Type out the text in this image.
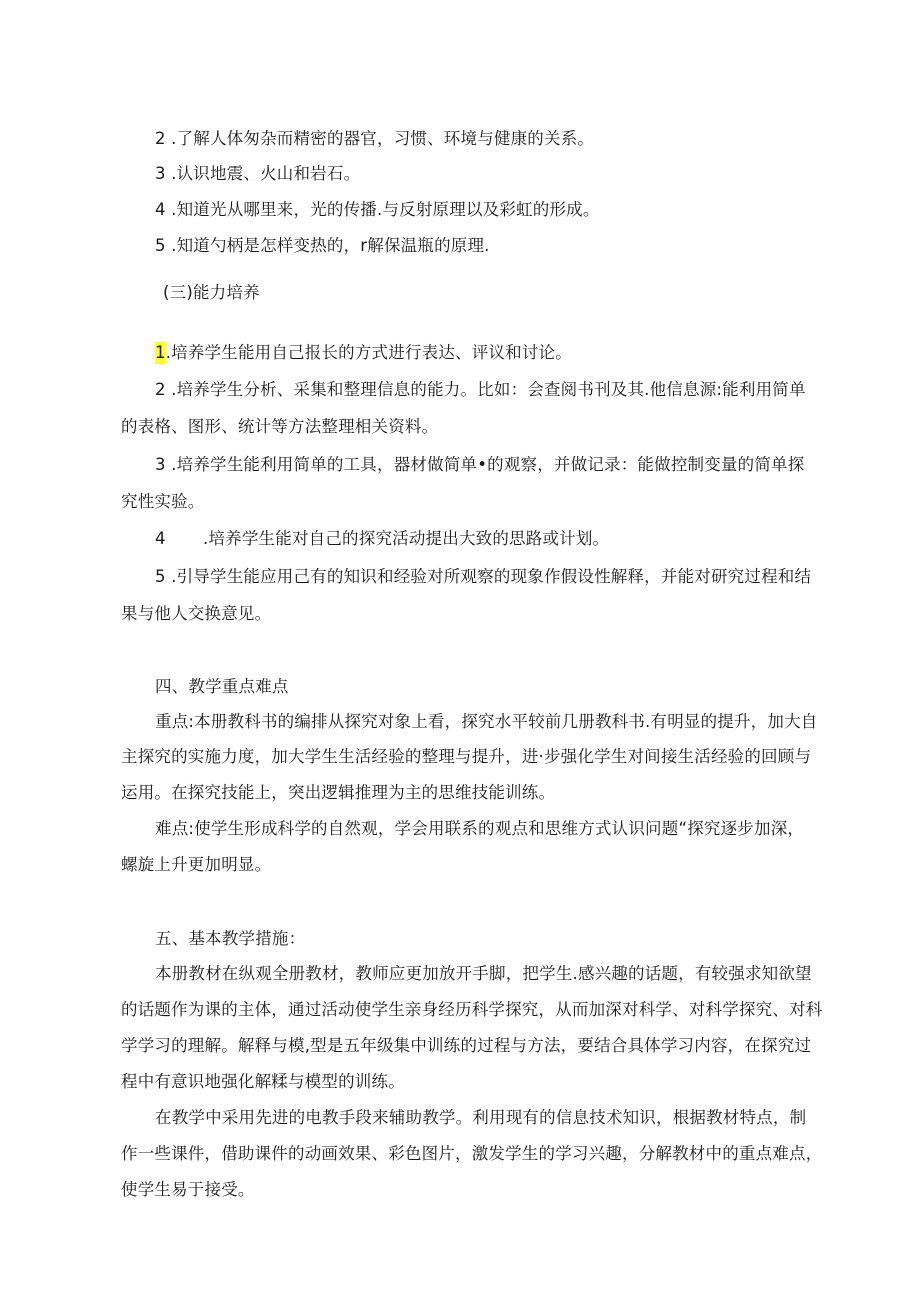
2 .了解人体匆杂而精密的器官，习惯、环境与健康的关系。
3 .认识地震、火山和岩石。
4 .知道光从哪里来，光的传播.与反射原理以及彩虹的形成。
5 .知道勺柄是怎样变热的，r解保温瓶的原理.
(三)能力培养
1.培养学生能用自己报长的方式进行表达、评议和讨论。
2 .培养学生分析、采集和整理信息的能力。比如：会查阅书刊及其.他信息源:能利用简单
的表格、图形、统计等方法整理相关资料。
3 .培养学生能利用简单的工具，器材做简单•的观察，并做记录：能做控制变量的简单探
究性实验。
4 .培养学生能对自己的探究活动提出大致的思路或计划。
5 .引导学生能应用己有的知识和经验对所观察的现象作假设性解释，并能对研究过程和结
果与他人交换意见。
四、教学重点难点
重点:本册教科书的编排从探究对象上看，探究水平较前几册教科书.有明显的提升，加大自
主探究的实施力度，加大学生生活经验的整理与提升，进·步强化学生对间接生活经验的回顾与
运用。在探究技能上，突出逻辑推理为主的思维技能训练。
难点:使学生形成科学的自然观，学会用联系的观点和思维方式认识问题“探究逐步加深，
螺旋上升更加明显。
五、基本教学措施：
本册教材在纵观全册教材，教师应更加放开手脚，把学生.感兴趣的话题，有较强求知欲望
的话题作为课的主体，通过活动使学生亲身经历科学探究，从而加深对科学、对科学探究、对科
学学习的理解。解释与模,型是五年级集中训练的过程与方法，要结合具体学习内容，在探究过
程中有意识地强化解糅与模型的训练。
在教学中采用先进的电教手段来辅助教学。利用现有的信息技术知识，根据教材特点，制
作一些课件，借助课件的动画效果、彩色图片，激发学生的学习兴趣，分解教材中的重点难点，
使学生易于接受。
